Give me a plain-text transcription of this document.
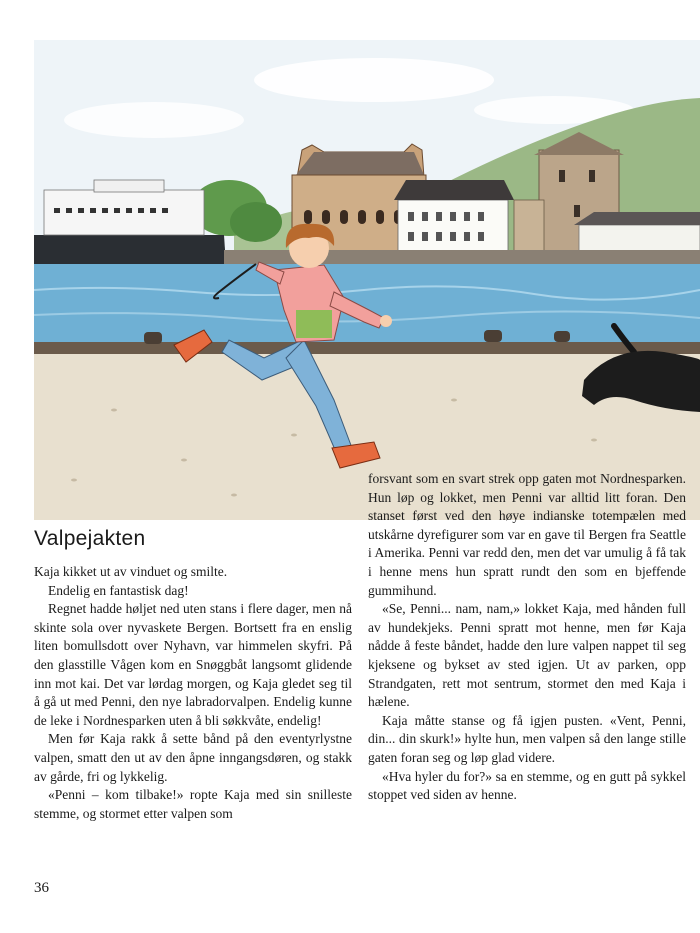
Valpejakten

Kaja kikket ut av vinduet og smilte.

Endelig en fantastisk dag!

Regnet hadde høljet ned uten stans i flere dager, men nå skinte sola over nyvaskete Bergen. Bortsett fra en enslig liten bomullsdott over Nyhavn, var himmelen skyfri. På den glasstille Vågen kom en Snøggbåt langsomt glidende inn mot kai. Det var lørdag morgen, og Kaja gledet seg til å gå ut med Penni, den nye labradorvalpen. Endelig kunne de leke i Nordnesparken uten å bli søkkvåte, endelig!

Men før Kaja rakk å sette bånd på den eventyrlystne valpen, smatt den ut av den åpne inngangsdøren, og stakk av gårde, fri og lykkelig.

«Penni – kom tilbake!» ropte Kaja med sin snilleste stemme, og stormet etter valpen som

forsvant som en svart strek opp gaten mot Nordnesparken. Hun løp og lokket, men Penni var alltid litt foran. Den stanset først ved den høye indianske totempælen med utskårne dyrefigurer som var en gave til Bergen fra Seattle i Amerika. Penni var redd den, men det var umulig å få tak i henne mens hun spratt rundt den som en bjeffende gummihund.

«Se, Penni... nam, nam,» lokket Kaja, med hånden full av hundekjeks. Penni spratt mot henne, men før Kaja nådde å feste båndet, hadde den lure valpen nappet til seg kjeksene og bykset av sted igjen. Ut av parken, opp Strandgaten, rett mot sentrum, stormet den med Kaja i hælene.

Kaja måtte stanse og få igjen pusten. «Vent, Penni, din... din skurk!» hylte hun, men valpen så den lange stille gaten foran seg og løp glad videre.

«Hva hyler du for?» sa en stemme, og en gutt på sykkel stoppet ved siden av henne.

36
